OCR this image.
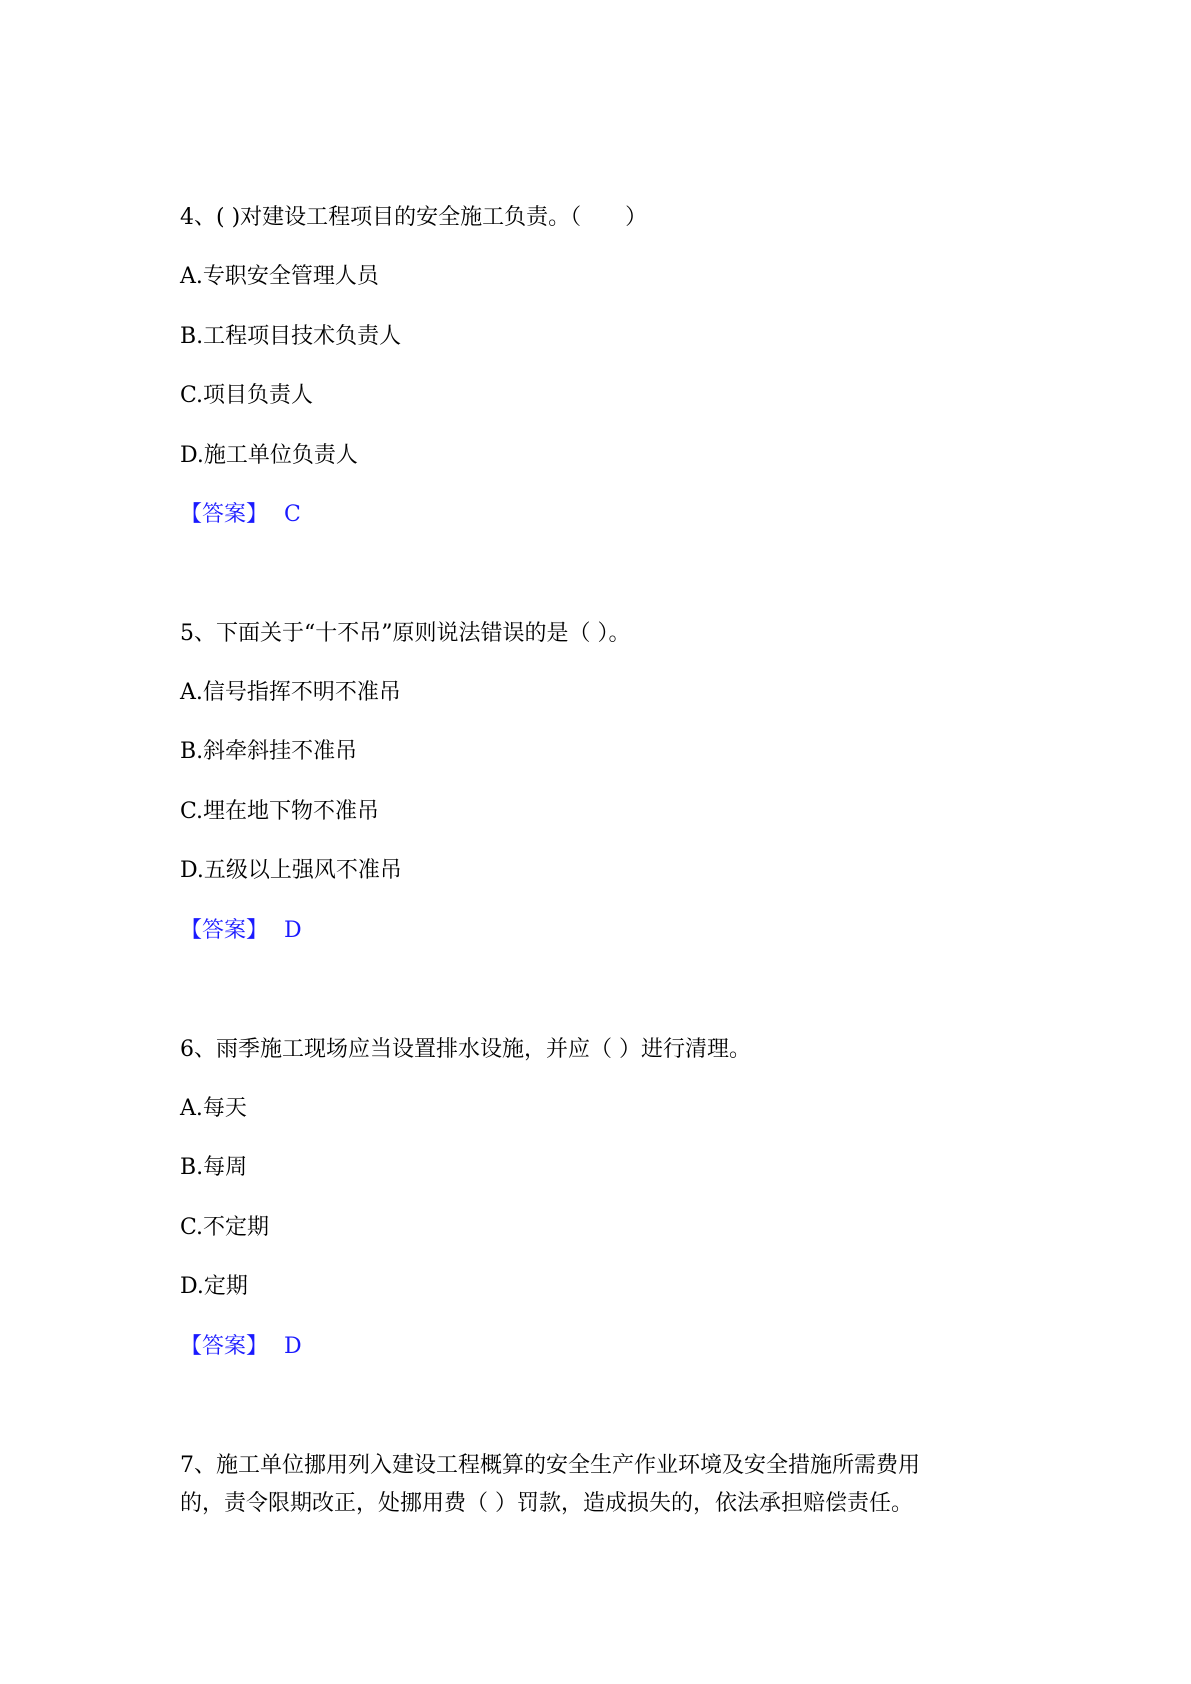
4、( )对建设工程项目的安全施工负责。（　　）
A.专职安全管理人员
B.工程项目技术负责人
C.项目负责人
D.施工单位负责人
【答案】 C
5、下面关于“十不吊”原则说法错误的是（ ）。
A.信号指挥不明不准吊
B.斜牵斜挂不准吊
C.埋在地下物不准吊
D.五级以上强风不准吊
【答案】 D
6、雨季施工现场应当设置排水设施，并应（ ）进行清理。
A.每天
B.每周
C.不定期
D.定期
【答案】 D
7、施工单位挪用列入建设工程概算的安全生产作业环境及安全措施所需费用
的，责令限期改正，处挪用费（ ）罚款，造成损失的，依法承担赔偿责任。
